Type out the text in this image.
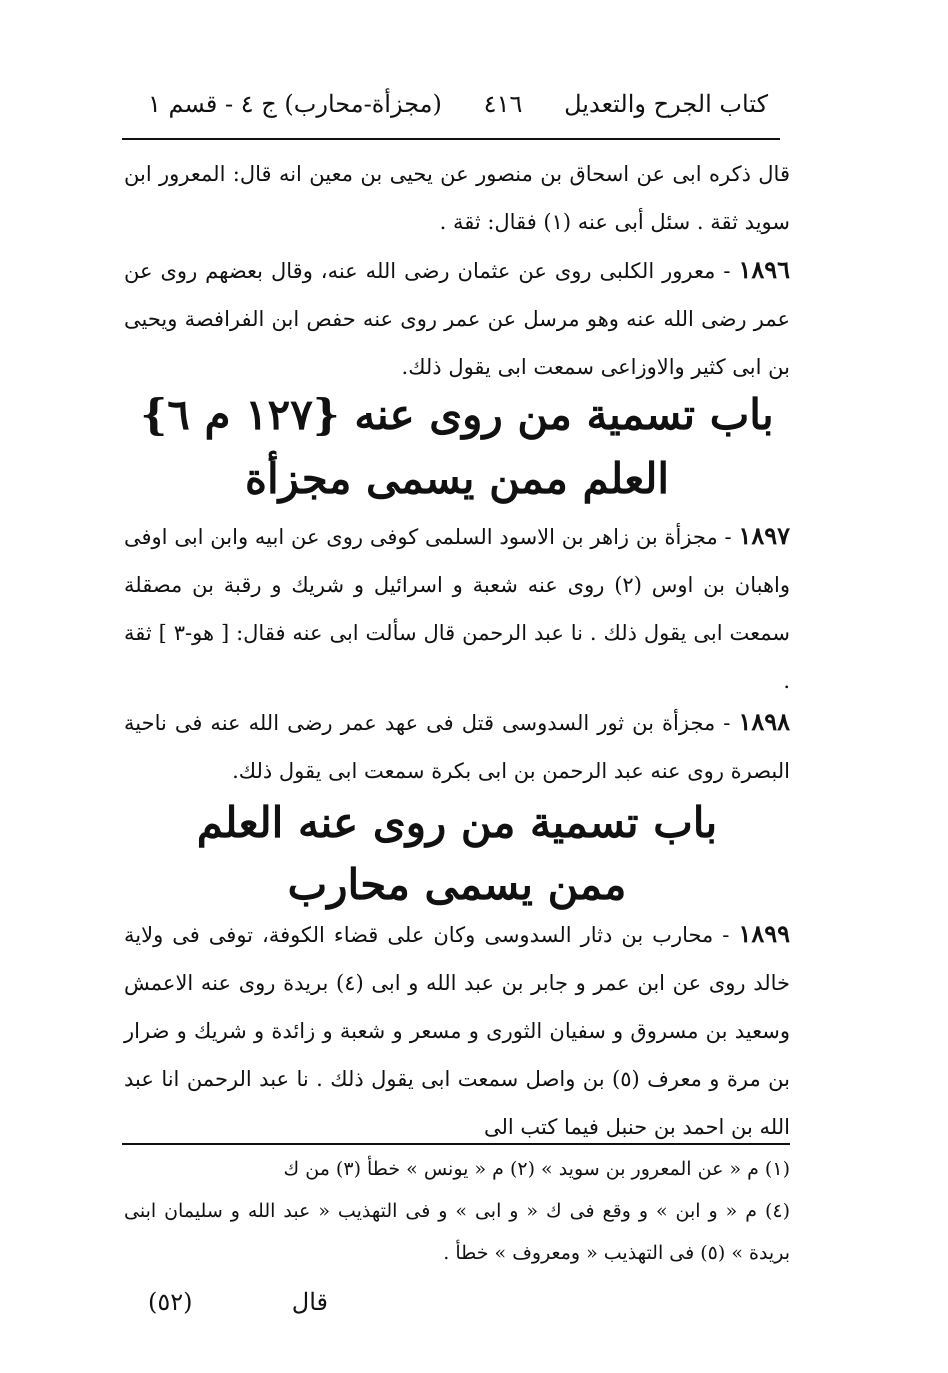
كتاب الجرح والتعديل
٤١٦
(مجزأة-محارب) ج ٤ - قسم ١
قال ذكره ابى عن اسحاق بن منصور عن يحيى بن معين انه قال: المعرور ابن سويد ثقة . سئل أبى عنه (١) فقال: ثقة .
١٨٩٦ - معرور الكلبى روى عن عثمان رضى الله عنه، وقال بعضهم روى عن عمر رضى الله عنه وهو مرسل عن عمر روى عنه حفص ابن الفرافصة ويحيى بن ابى كثير والاوزاعى سمعت ابى يقول ذلك.
باب تسمية من روى عنه {١٢٧ م ٦}
العلم ممن يسمى مجزأة
١٨٩٧ - مجزأة بن زاهر بن الاسود السلمى كوفى روى عن ابيه وابن ابى اوفى واهبان بن اوس (٢) روى عنه شعبة و اسرائيل و شريك و رقبة بن مصقلة سمعت ابى يقول ذلك . نا عبد الرحمن قال سألت ابى عنه فقال: [ هو-٣ ] ثقة .
١٨٩٨ - مجزأة بن ثور السدوسى قتل فى عهد عمر رضى الله عنه فى ناحية البصرة روى عنه عبد الرحمن بن ابى بكرة سمعت ابى يقول ذلك.
باب تسمية من روى عنه العلم
ممن يسمى محارب
١٨٩٩ - محارب بن دثار السدوسى وكان على قضاء الكوفة، توفى فى ولاية خالد روى عن ابن عمر و جابر بن عبد الله و ابى (٤) بريدة روى عنه الاعمش وسعيد بن مسروق و سفيان الثورى و مسعر و شعبة و زائدة و شريك و ضرار بن مرة و معرف (٥) بن واصل سمعت ابى يقول ذلك . نا عبد الرحمن انا عبد الله بن احمد بن حنبل فيما كتب الى
(١) م « عن المعرور بن سويد » (٢) م « يونس » خطأ (٣) من ك
(٤) م « و ابن » و وقع فى ك « و ابى » و فى التهذيب « عبد الله و سليمان ابنى بريدة » (٥) فى التهذيب « ومعروف » خطأ .
قال
(٥٢)
